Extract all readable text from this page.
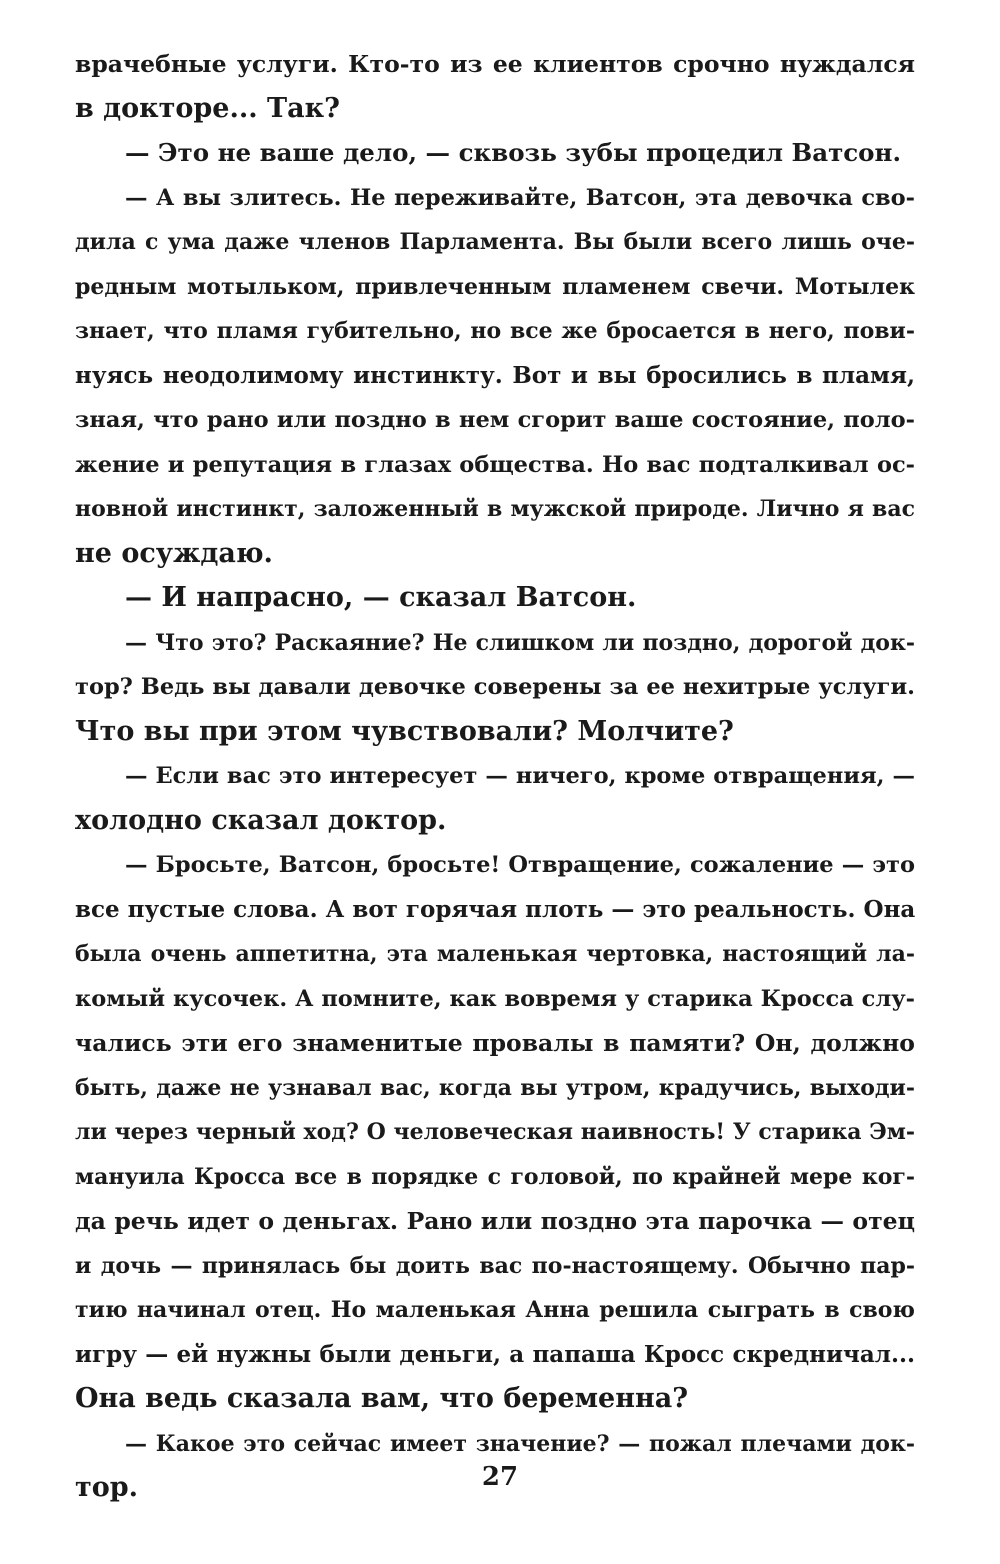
врачебные услуги. Кто-то из ее клиентов срочно нуждался
в докторе... Так?
— Это не ваше дело, — сквозь зубы процедил Ватсон.
— А вы злитесь. Не переживайте, Ватсон, эта девочка сво-
дила с ума даже членов Парламента. Вы были всего лишь оче-
редным мотыльком, привлеченным пламенем свечи. Мотылек
знает, что пламя губительно, но все же бросается в него, пови-
нуясь неодолимому инстинкту. Вот и вы бросились в пламя,
зная, что рано или поздно в нем сгорит ваше состояние, поло-
жение и репутация в глазах общества. Но вас подталкивал ос-
новной инстинкт, заложенный в мужской природе. Лично я вас
не осуждаю.
— И напрасно, — сказал Ватсон.
— Что это? Раскаяние? Не слишком ли поздно, дорогой док-
тор? Ведь вы давали девочке соверены за ее нехитрые услуги.
Что вы при этом чувствовали? Молчите?
— Если вас это интересует — ничего, кроме отвращения, —
холодно сказал доктор.
— Бросьте, Ватсон, бросьте! Отвращение, сожаление — это
все пустые слова. А вот горячая плоть — это реальность. Она
была очень аппетитна, эта маленькая чертовка, настоящий ла-
комый кусочек. А помните, как вовремя у старика Кросса слу-
чались эти его знаменитые провалы в памяти? Он, должно
быть, даже не узнавал вас, когда вы утром, крадучись, выходи-
ли через черный ход? О человеческая наивность! У старика Эм-
мануила Кросса все в порядке с головой, по крайней мере ког-
да речь идет о деньгах. Рано или поздно эта парочка — отец
и дочь — принялась бы доить вас по-настоящему. Обычно пар-
тию начинал отец. Но маленькая Анна решила сыграть в свою
игру — ей нужны были деньги, а папаша Кросс скредничал...
Она ведь сказала вам, что беременна?
— Какое это сейчас имеет значение? — пожал плечами док-
тор.	27
